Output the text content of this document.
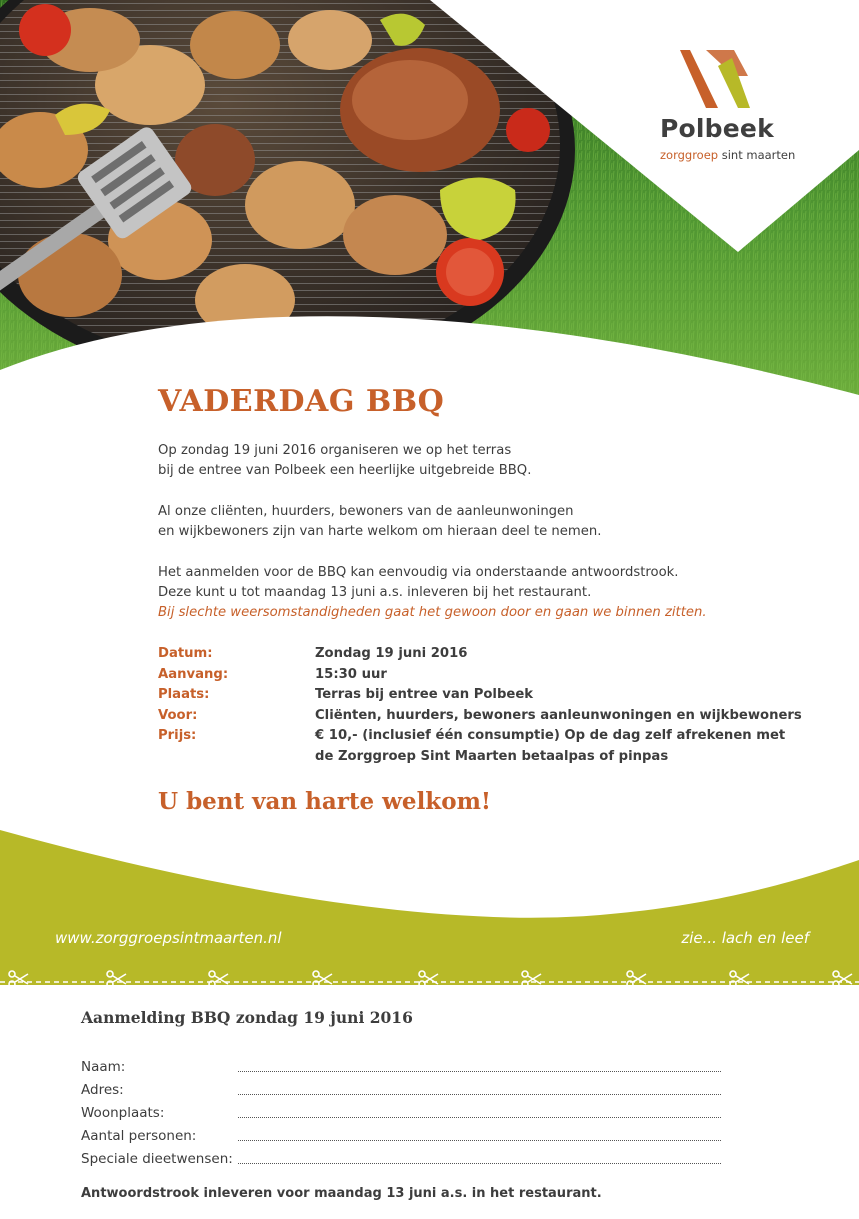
Polbeek
zorggroep sint maarten
VADERDAG BBQ
Op zondag 19 juni 2016 organiseren we op het terras
bij de entree van Polbeek een heerlijke uitgebreide BBQ.
Al onze cliënten, huurders, bewoners van de aanleunwoningen
en wijkbewoners zijn van harte welkom om hieraan deel te nemen.
Het aanmelden voor de BBQ kan eenvoudig via onderstaande antwoordstrook.
Deze kunt u tot maandag 13 juni a.s. inleveren bij het restaurant.
Bij slechte weersomstandigheden gaat het gewoon door en gaan we binnen zitten.
Datum:	Zondag 19 juni 2016
Aanvang:	15:30 uur
Plaats:	Terras bij entree van Polbeek
Voor:	Cliënten, huurders, bewoners aanleunwoningen en wijkbewoners
Prijs:	€ 10,- (inclusief één consumptie) Op de dag zelf afrekenen met
de Zorggroep Sint Maarten betaalpas of pinpas
U bent van harte welkom!
www.zorggroepsintmaarten.nl	zie... lach en leef
Aanmelding BBQ zondag 19 juni 2016
Naam:
Adres:
Woonplaats:
Aantal personen:
Speciale dieetwensen:
Antwoordstrook inleveren voor maandag 13 juni a.s. in het restaurant.
